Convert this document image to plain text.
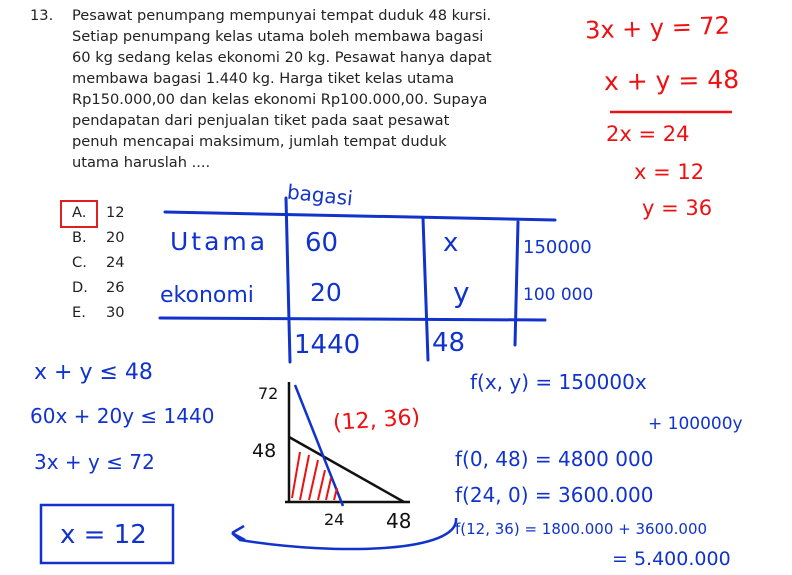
13. Pesawat penumpang mempunyai tempat duduk 48 kursi.
Setiap penumpang kelas utama boleh membawa bagasi
60 kg sedang kelas ekonomi 20 kg. Pesawat hanya dapat
membawa bagasi 1.440 kg. Harga tiket kelas utama
Rp150.000,00 dan kelas ekonomi Rp100.000,00. Supaya
pendapatan dari penjualan tiket pada saat pesawat
penuh mencapai maksimum, jumlah tempat duduk
utama haruslah ....
A. 12
B. 20
C. 24
D. 26
E. 30
3x + y = 72
x + y = 48
2x = 24
x = 12
y = 36
bagasi
Utama 60	x	150000
ekonomi 20	y	100 000
1440	48
x + y ≤ 48
60x + 20y ≤ 1440
3x + y ≤ 72
x = 12
72
48
24 48
(12, 36)
f(x, y) = 150000x
+ 100000y
f(0, 48) = 4800 000
f(24, 0) = 3600.000
f(12, 36) = 1800.000 + 3600.000
= 5.400.000
